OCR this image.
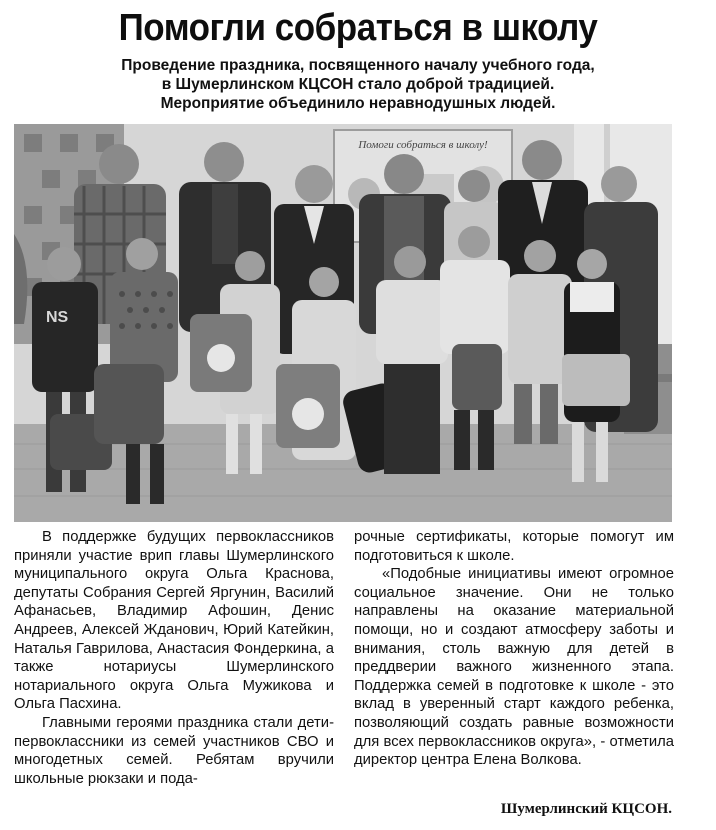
Помогли собраться в школу
Проведение праздника, посвященного началу учебного года,
в Шумерлинском КЦСОН стало доброй традицией.
Мероприятие объединило неравнодушных людей.
Помоги собраться в школу!
NS

В поддержке будущих первоклассников приняли участие врип главы Шумерлинского муниципального округа Ольга Краснова, депутаты Собрания Сергей Яргунин, Василий Афанасьев, Владимир Афошин, Денис Андреев, Алексей Жданович, Юрий Катейкин, Наталья Гаврилова, Анастасия Фондеркина, а также нотариусы Шумерлинского нотариального округа Ольга Мужикова и Ольга Пасхина.

Главными героями праздника стали дети-первоклассники из семей участников СВО и многодетных семей. Ребятам вручили школьные рюкзаки и пода-

рочные сертификаты, которые помогут им подготовиться к школе.

«Подобные инициативы имеют огромное социальное значение. Они не только направлены на оказание материальной помощи, но и создают атмосферу заботы и внимания, столь важную для детей в преддверии важного жизненного этапа. Поддержка семей в подготовке к школе - это вклад в уверенный старт каждого ребенка, позволяющий создать равные возможности для всех первоклассников округа», - отметила директор центра Елена Волкова.

Шумерлинский КЦСОН.
